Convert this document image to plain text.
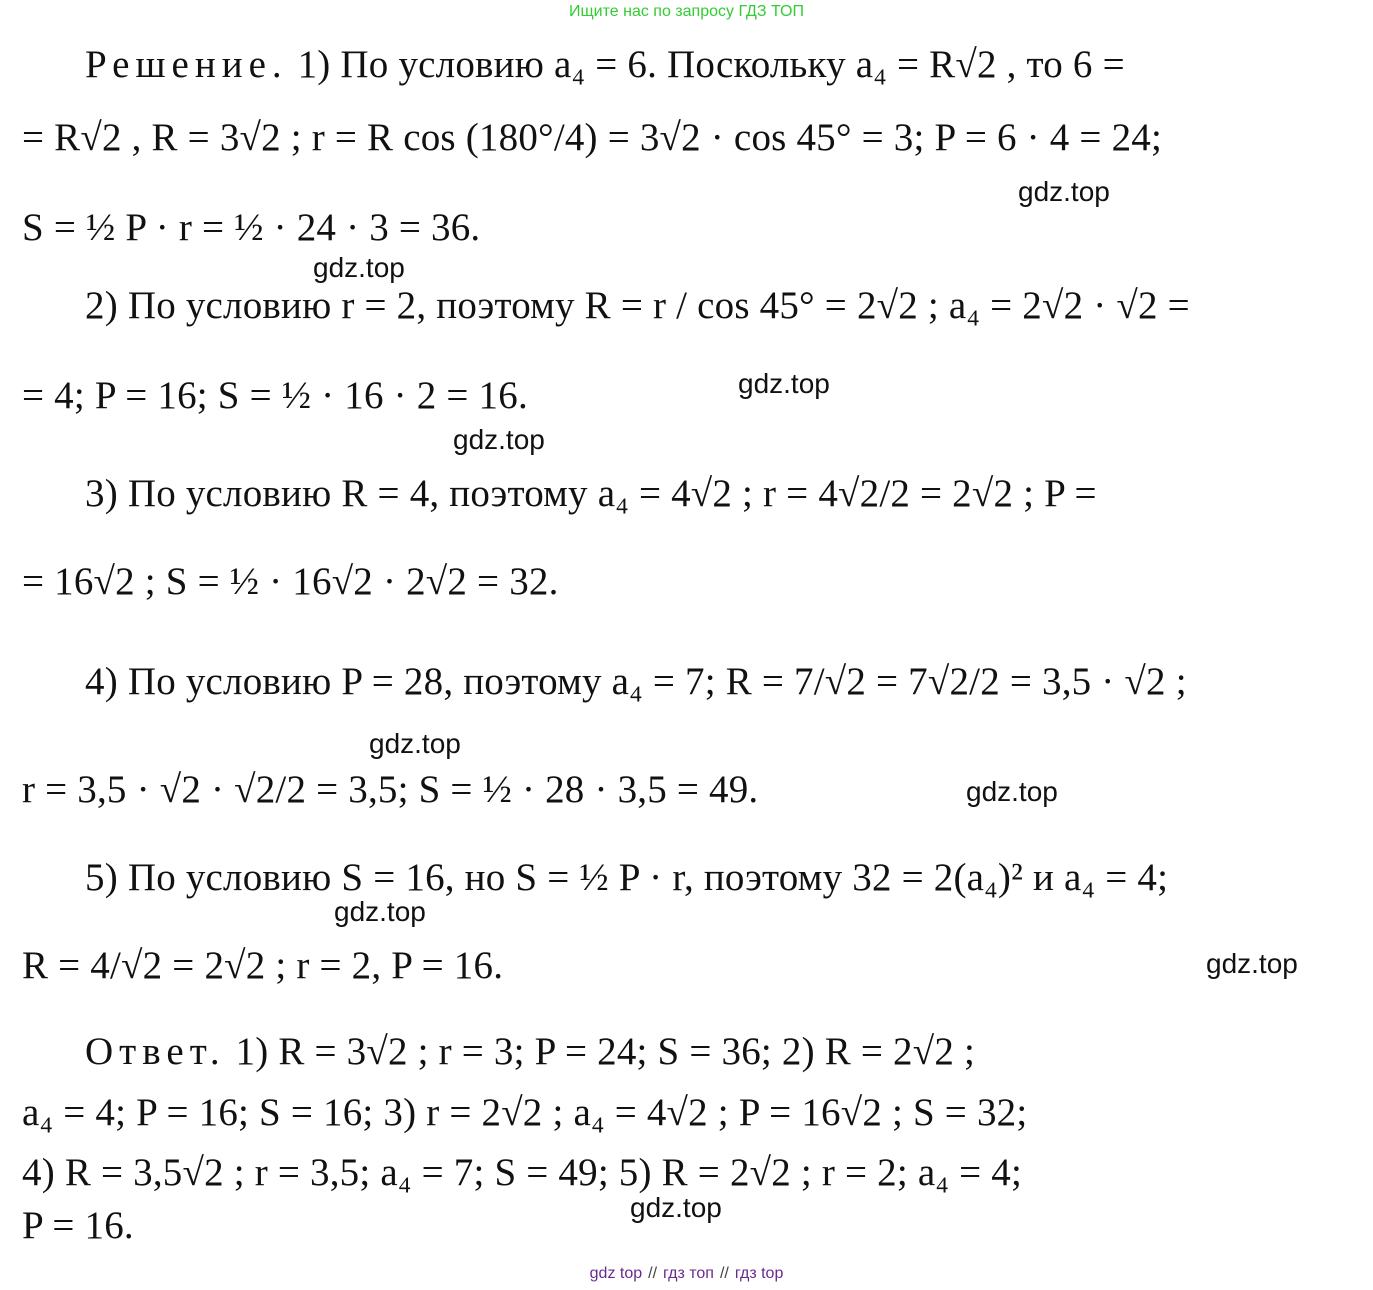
Ищите нас по запросу ГДЗ ТОП
Решение. 1) По условию a₄ = 6. Поскольку a₄ = R√2 , то 6 =
= R√2 , R = 3√2 ; r = R cos (180°/4) = 3√2 · cos 45° = 3; P = 6 · 4 = 24;
S = ½ P · r = ½ · 24 · 3 = 36.
2) По условию r = 2, поэтому R = r / cos 45° = 2√2 ; a₄ = 2√2 · √2 =
= 4; P = 16; S = ½ · 16 · 2 = 16.
3) По условию R = 4, поэтому a₄ = 4√2 ; r = 4√2/2 = 2√2 ; P =
= 16√2 ; S = ½ · 16√2 · 2√2 = 32.
4) По условию P = 28, поэтому a₄ = 7; R = 7/√2 = 7√2/2 = 3,5 · √2 ;
r = 3,5 · √2 · √2/2 = 3,5; S = ½ · 28 · 3,5 = 49.
5) По условию S = 16, но S = ½ P · r, поэтому 32 = 2(a₄)² и a₄ = 4;
R = 4/√2 = 2√2 ; r = 2, P = 16.
Ответ. 1) R = 3√2 ; r = 3; P = 24; S = 36; 2) R = 2√2 ;
a₄ = 4; P = 16; S = 16; 3) r = 2√2 ; a₄ = 4√2 ; P = 16√2 ; S = 32;
4) R = 3,5√2 ; r = 3,5; a₄ = 7; S = 49; 5) R = 2√2 ; r = 2; a₄ = 4;
P = 16.
gdz.top
gdz.top
gdz.top
gdz.top
gdz.top
gdz.top
gdz.top
gdz.top
gdz.top
gdz top // гдз топ // гдз top
